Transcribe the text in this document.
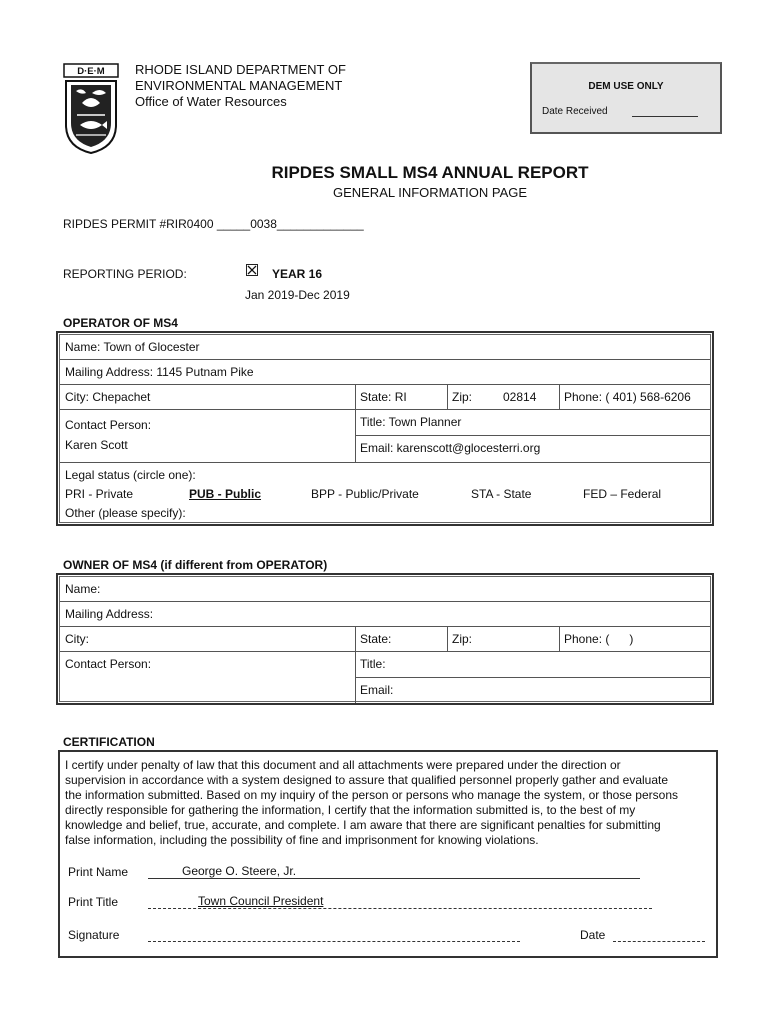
D·E·M RHODE ISLAND DEPARTMENT OF
ENVIRONMENTAL MANAGEMENT
Office of Water Resources
DEM USE ONLY
Date Received
RIPDES SMALL MS4 ANNUAL REPORT
GENERAL INFORMATION PAGE
RIPDES PERMIT #RIR0400 _____0038_____________
REPORTING PERIOD:	YEAR 16
Jan 2019-Dec 2019
OPERATOR OF MS4
Name: Town of Glocester
Mailing Address: 1145 Putnam Pike
City: Chepachet	State: RI	Zip:	02814	Phone: ( 401) 568-6206
Contact Person:
Karen Scott
Title: Town Planner
Email: karenscott@glocesterri.org
Legal status (circle one):
PRI - Private	PUB - Public	BPP - Public/Private	STA - State	FED – Federal
Other (please specify):
OWNER OF MS4 (if different from OPERATOR)
Name:
Mailing Address:
City:	State:	Zip:	Phone: (      )
Contact Person:	Title:
Email:
CERTIFICATION
I certify under penalty of law that this document and all attachments were prepared under the direction or
supervision in accordance with a system designed to assure that qualified personnel properly gather and evaluate
the information submitted. Based on my inquiry of the person or persons who manage the system, or those persons
directly responsible for gathering the information, I certify that the information submitted is, to the best of my
knowledge and belief, true, accurate, and complete. I am aware that there are significant penalties for submitting
false information, including the possibility of fine and imprisonment for knowing violations.
Print Name	George O. Steere, Jr.
Print Title	Town Council President
Signature	Date
